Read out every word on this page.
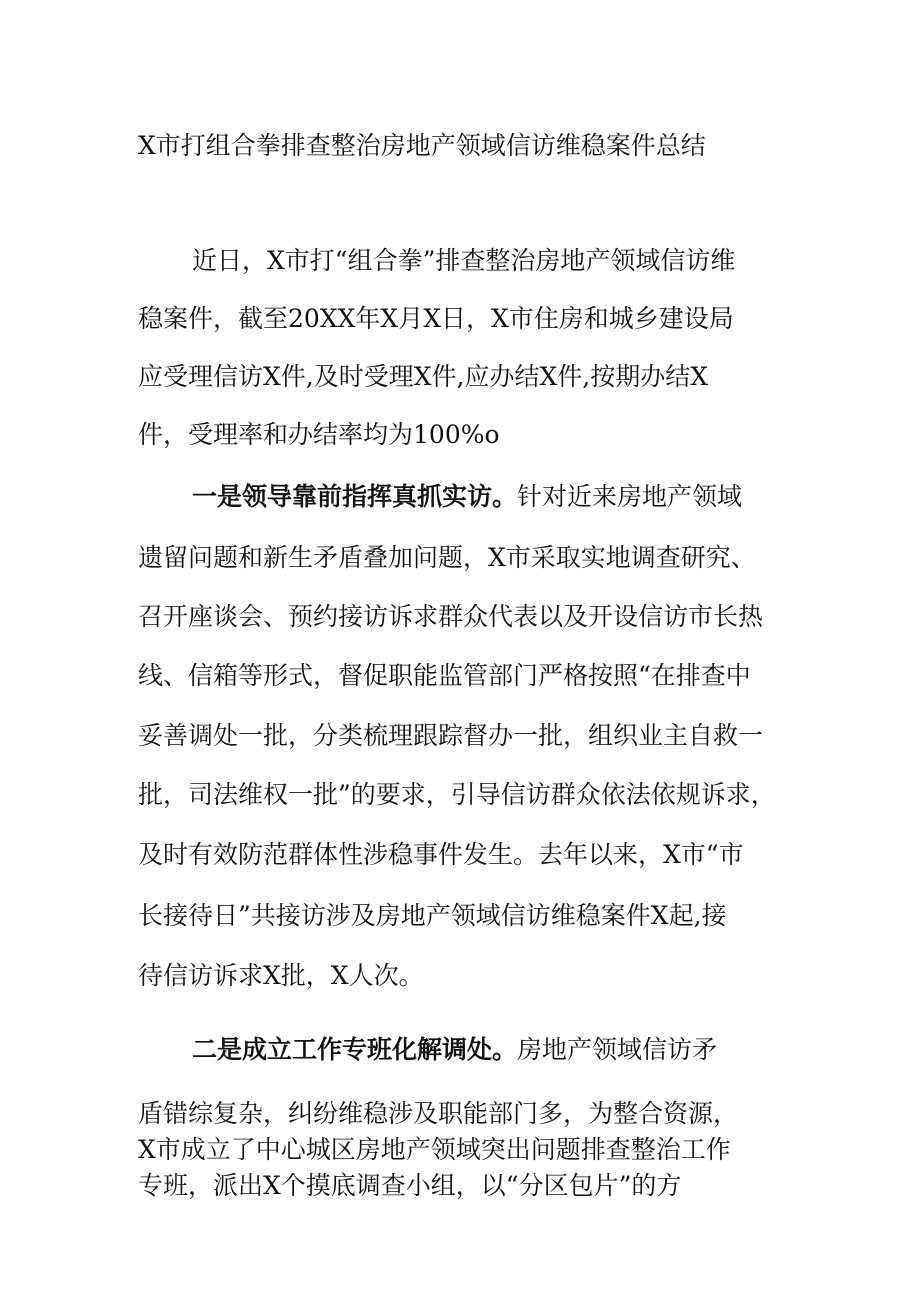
X市打组合拳排查整治房地产领域信访维稳案件总结
近日，X市打“组合拳”排查整治房地产领域信访维
稳案件，截至20XX年X月X日，X市住房和城乡建设局
应受理信访X件,及时受理X件,应办结X件,按期办结X
件，受理率和办结率均为100%o
一是领导靠前指挥真抓实访。针对近来房地产领域
遗留问题和新生矛盾叠加问题，X市采取实地调查研究、
召开座谈会、预约接访诉求群众代表以及开设信访市长热
线、信箱等形式，督促职能监管部门严格按照“在排查中
妥善调处一批，分类梳理跟踪督办一批，组织业主自救一
批，司法维权一批”的要求，引导信访群众依法依规诉求，
及时有效防范群体性涉稳事件发生。去年以来，X市“市
长接待日”共接访涉及房地产领域信访维稳案件X起,接
待信访诉求X批，X人次。
二是成立工作专班化解调处。房地产领域信访矛
盾错综复杂，纠纷维稳涉及职能部门多，为整合资源，
X市成立了中心城区房地产领域突出问题排查整治工作
专班，派出X个摸底调查小组，以“分区包片”的方
